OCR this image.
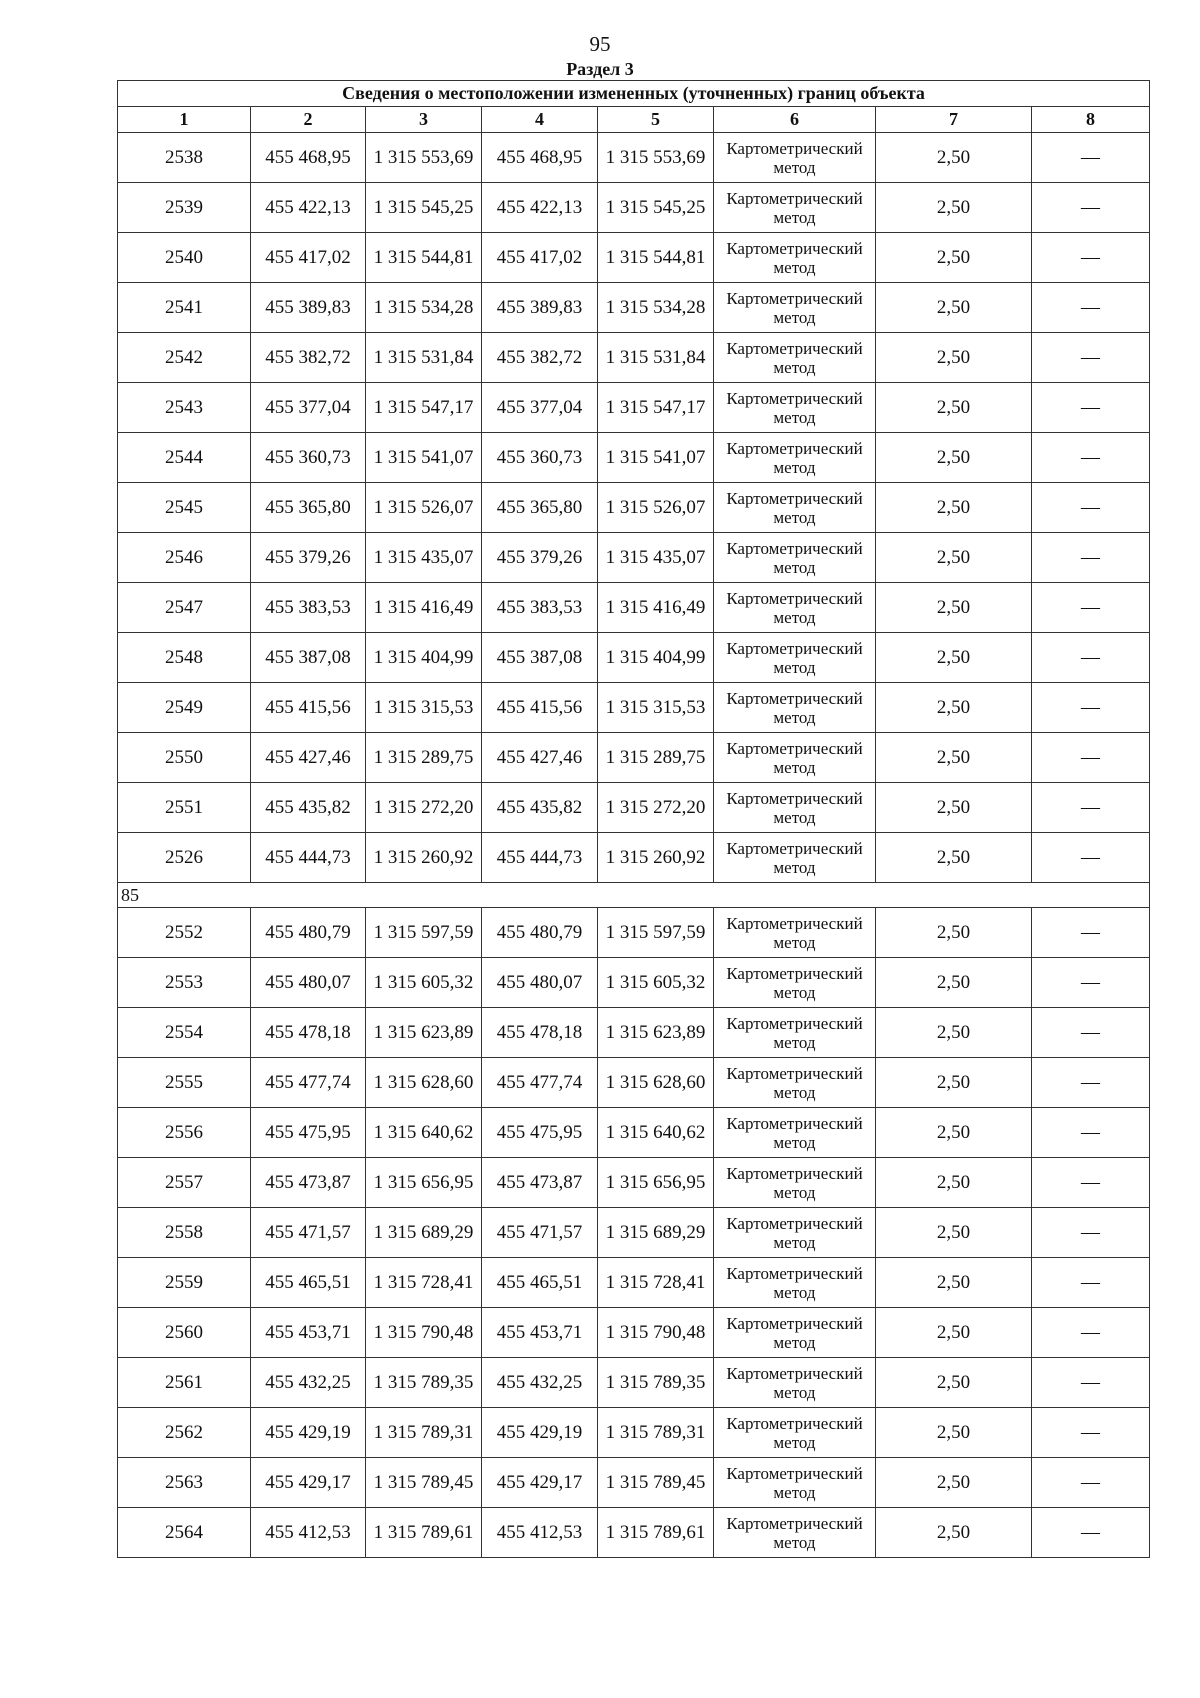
95
Раздел 3
Сведения о местоположении измененных (уточненных) границ объекта							
1	2	3	4	5	6	7	8
2538	455 468,95	1 315 553,69	455 468,95	1 315 553,69	Картометрический метод	2,50	—
2539	455 422,13	1 315 545,25	455 422,13	1 315 545,25	Картометрический метод	2,50	—
2540	455 417,02	1 315 544,81	455 417,02	1 315 544,81	Картометрический метод	2,50	—
2541	455 389,83	1 315 534,28	455 389,83	1 315 534,28	Картометрический метод	2,50	—
2542	455 382,72	1 315 531,84	455 382,72	1 315 531,84	Картометрический метод	2,50	—
2543	455 377,04	1 315 547,17	455 377,04	1 315 547,17	Картометрический метод	2,50	—
2544	455 360,73	1 315 541,07	455 360,73	1 315 541,07	Картометрический метод	2,50	—
2545	455 365,80	1 315 526,07	455 365,80	1 315 526,07	Картометрический метод	2,50	—
2546	455 379,26	1 315 435,07	455 379,26	1 315 435,07	Картометрический метод	2,50	—
2547	455 383,53	1 315 416,49	455 383,53	1 315 416,49	Картометрический метод	2,50	—
2548	455 387,08	1 315 404,99	455 387,08	1 315 404,99	Картометрический метод	2,50	—
2549	455 415,56	1 315 315,53	455 415,56	1 315 315,53	Картометрический метод	2,50	—
2550	455 427,46	1 315 289,75	455 427,46	1 315 289,75	Картометрический метод	2,50	—
2551	455 435,82	1 315 272,20	455 435,82	1 315 272,20	Картометрический метод	2,50	—
2526	455 444,73	1 315 260,92	455 444,73	1 315 260,92	Картометрический метод	2,50	—
85							
2552	455 480,79	1 315 597,59	455 480,79	1 315 597,59	Картометрический метод	2,50	—
2553	455 480,07	1 315 605,32	455 480,07	1 315 605,32	Картометрический метод	2,50	—
2554	455 478,18	1 315 623,89	455 478,18	1 315 623,89	Картометрический метод	2,50	—
2555	455 477,74	1 315 628,60	455 477,74	1 315 628,60	Картометрический метод	2,50	—
2556	455 475,95	1 315 640,62	455 475,95	1 315 640,62	Картометрический метод	2,50	—
2557	455 473,87	1 315 656,95	455 473,87	1 315 656,95	Картометрический метод	2,50	—
2558	455 471,57	1 315 689,29	455 471,57	1 315 689,29	Картометрический метод	2,50	—
2559	455 465,51	1 315 728,41	455 465,51	1 315 728,41	Картометрический метод	2,50	—
2560	455 453,71	1 315 790,48	455 453,71	1 315 790,48	Картометрический метод	2,50	—
2561	455 432,25	1 315 789,35	455 432,25	1 315 789,35	Картометрический метод	2,50	—
2562	455 429,19	1 315 789,31	455 429,19	1 315 789,31	Картометрический метод	2,50	—
2563	455 429,17	1 315 789,45	455 429,17	1 315 789,45	Картометрический метод	2,50	—
2564	455 412,53	1 315 789,61	455 412,53	1 315 789,61	Картометрический метод	2,50	—
